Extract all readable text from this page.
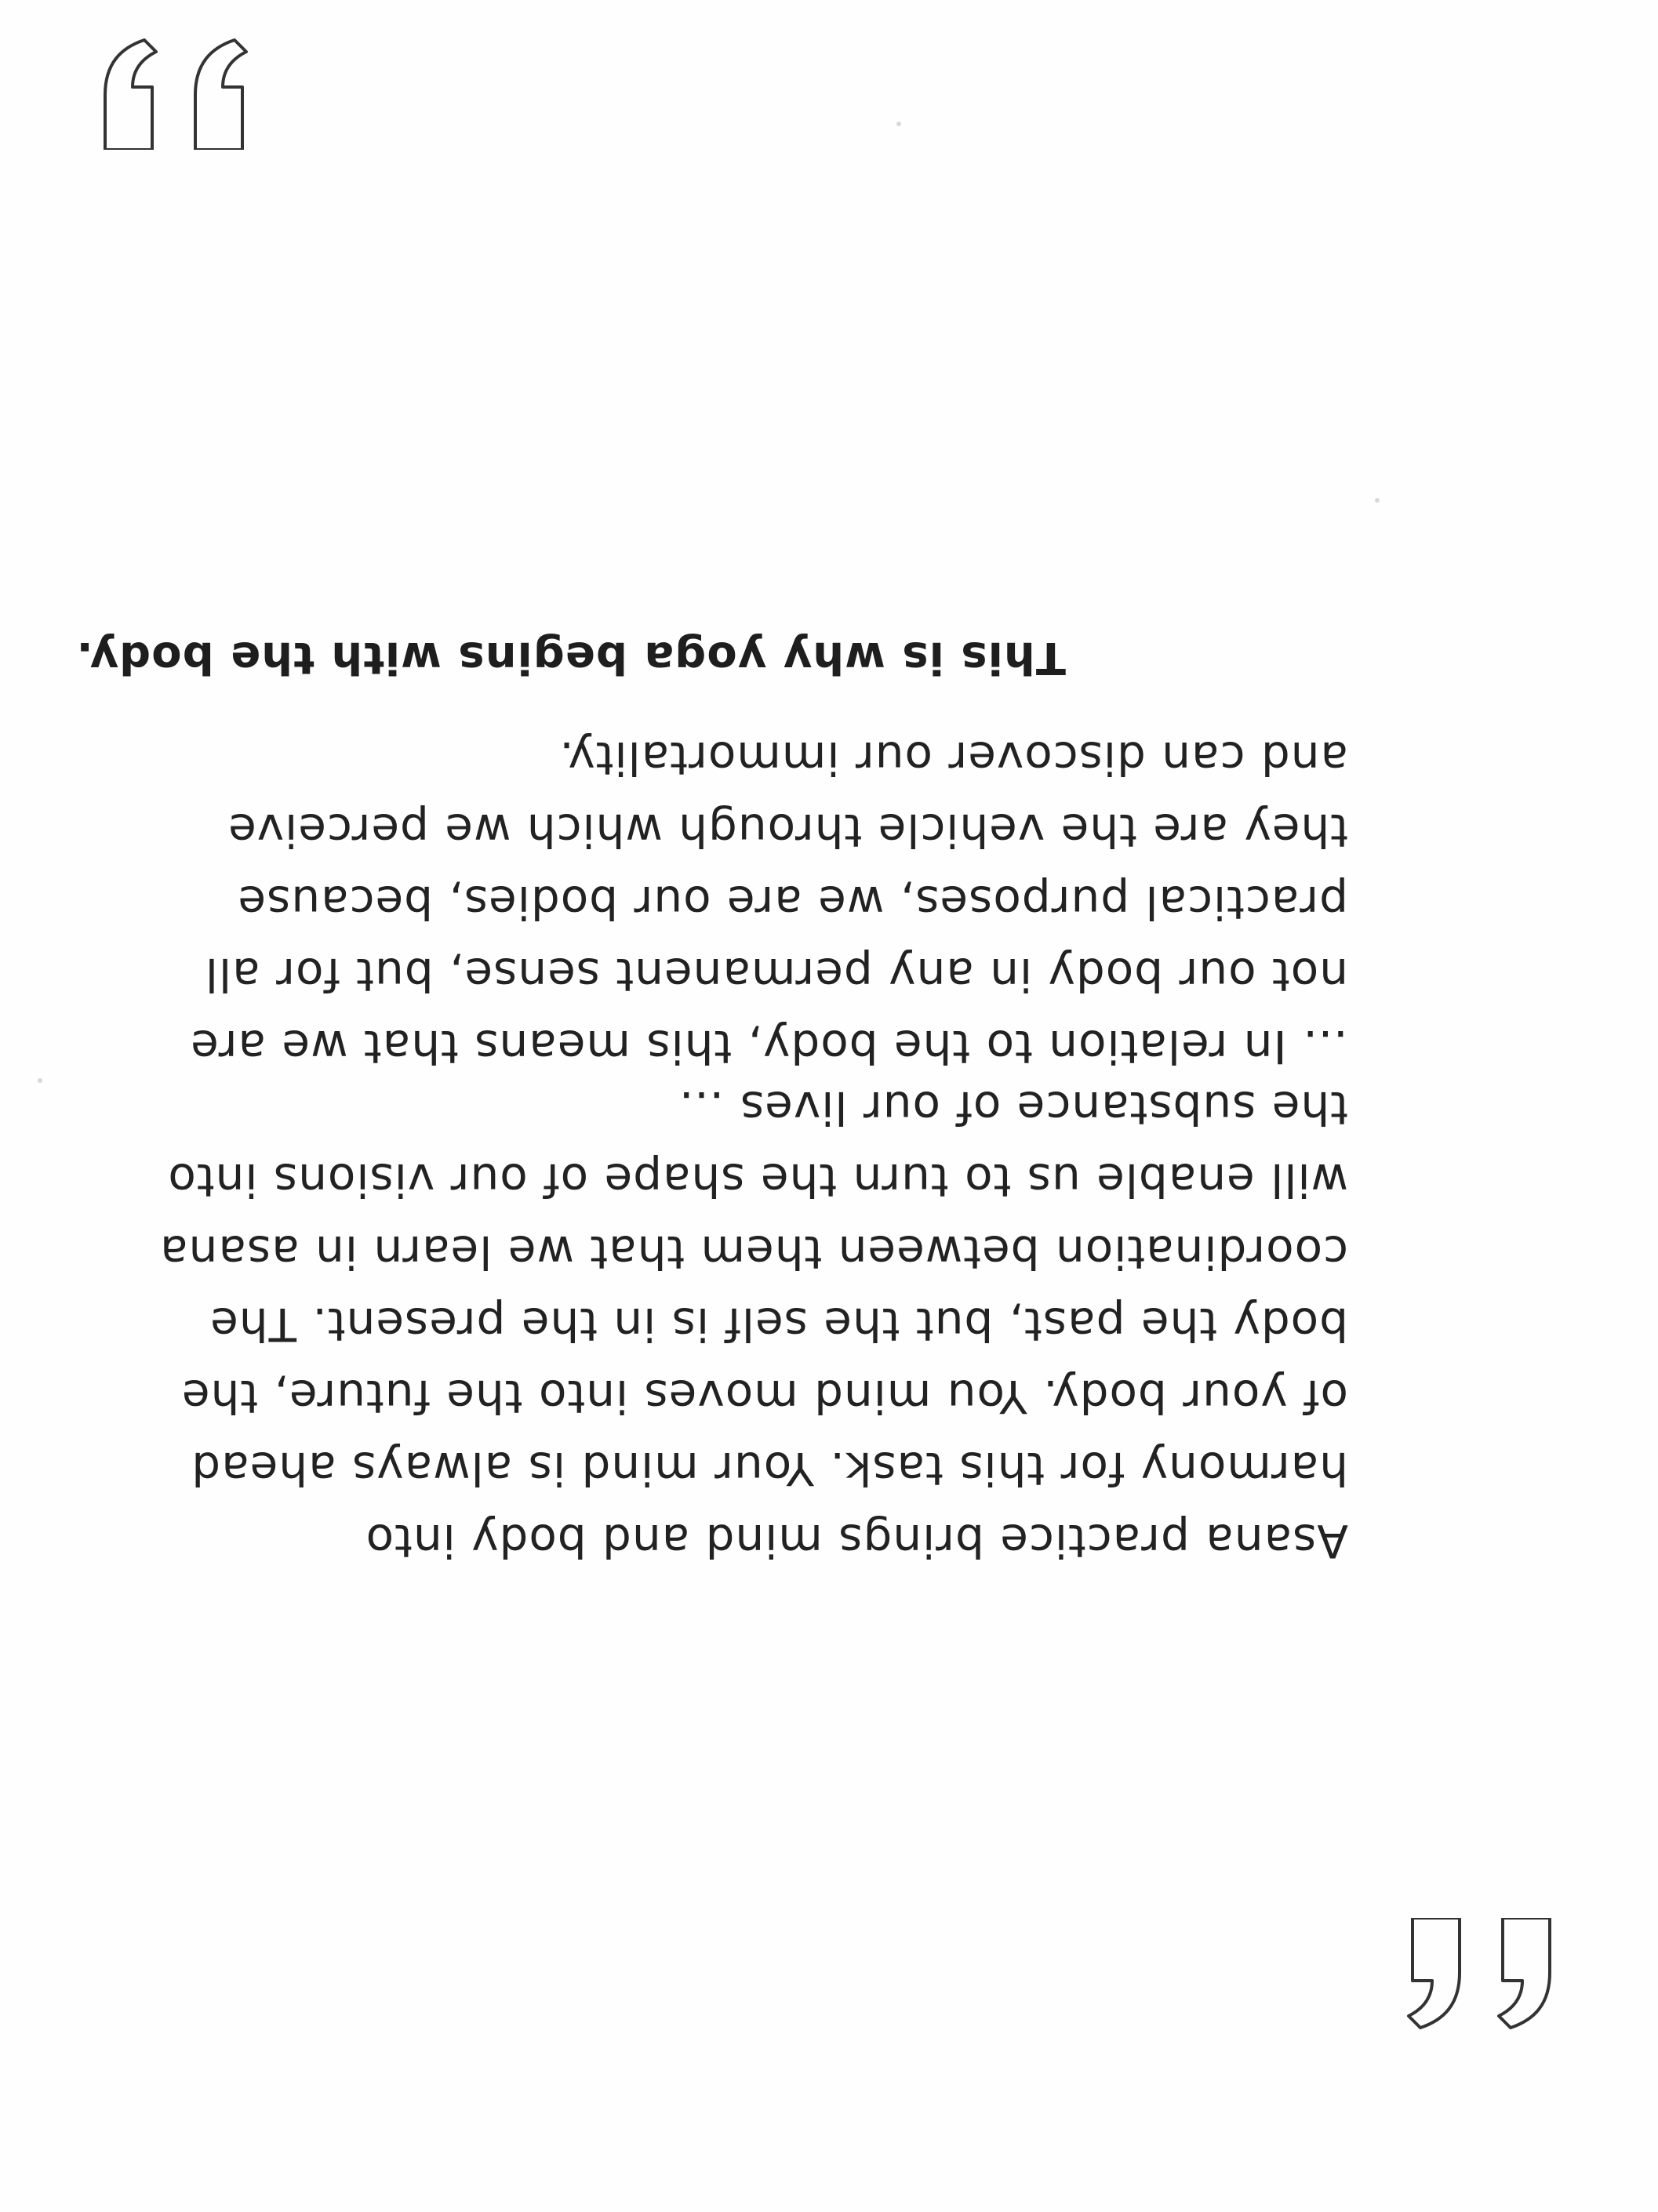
Asana practice brings mind and body into
harmony for this task. Your mind is always ahead
of your body. You mind moves into the future, the
body the past, but the self is in the present. The
coordination between them that we learn in asana
will enable us to turn the shape of our visions into
the substance of our lives …
… In relation to the body, this means that we are
not our body in any permanent sense, but for all
practical purposes, we are our bodies, because
they are the vehicle through which we perceive
and can discover our immortality.
This is why yoga begins with the body.
